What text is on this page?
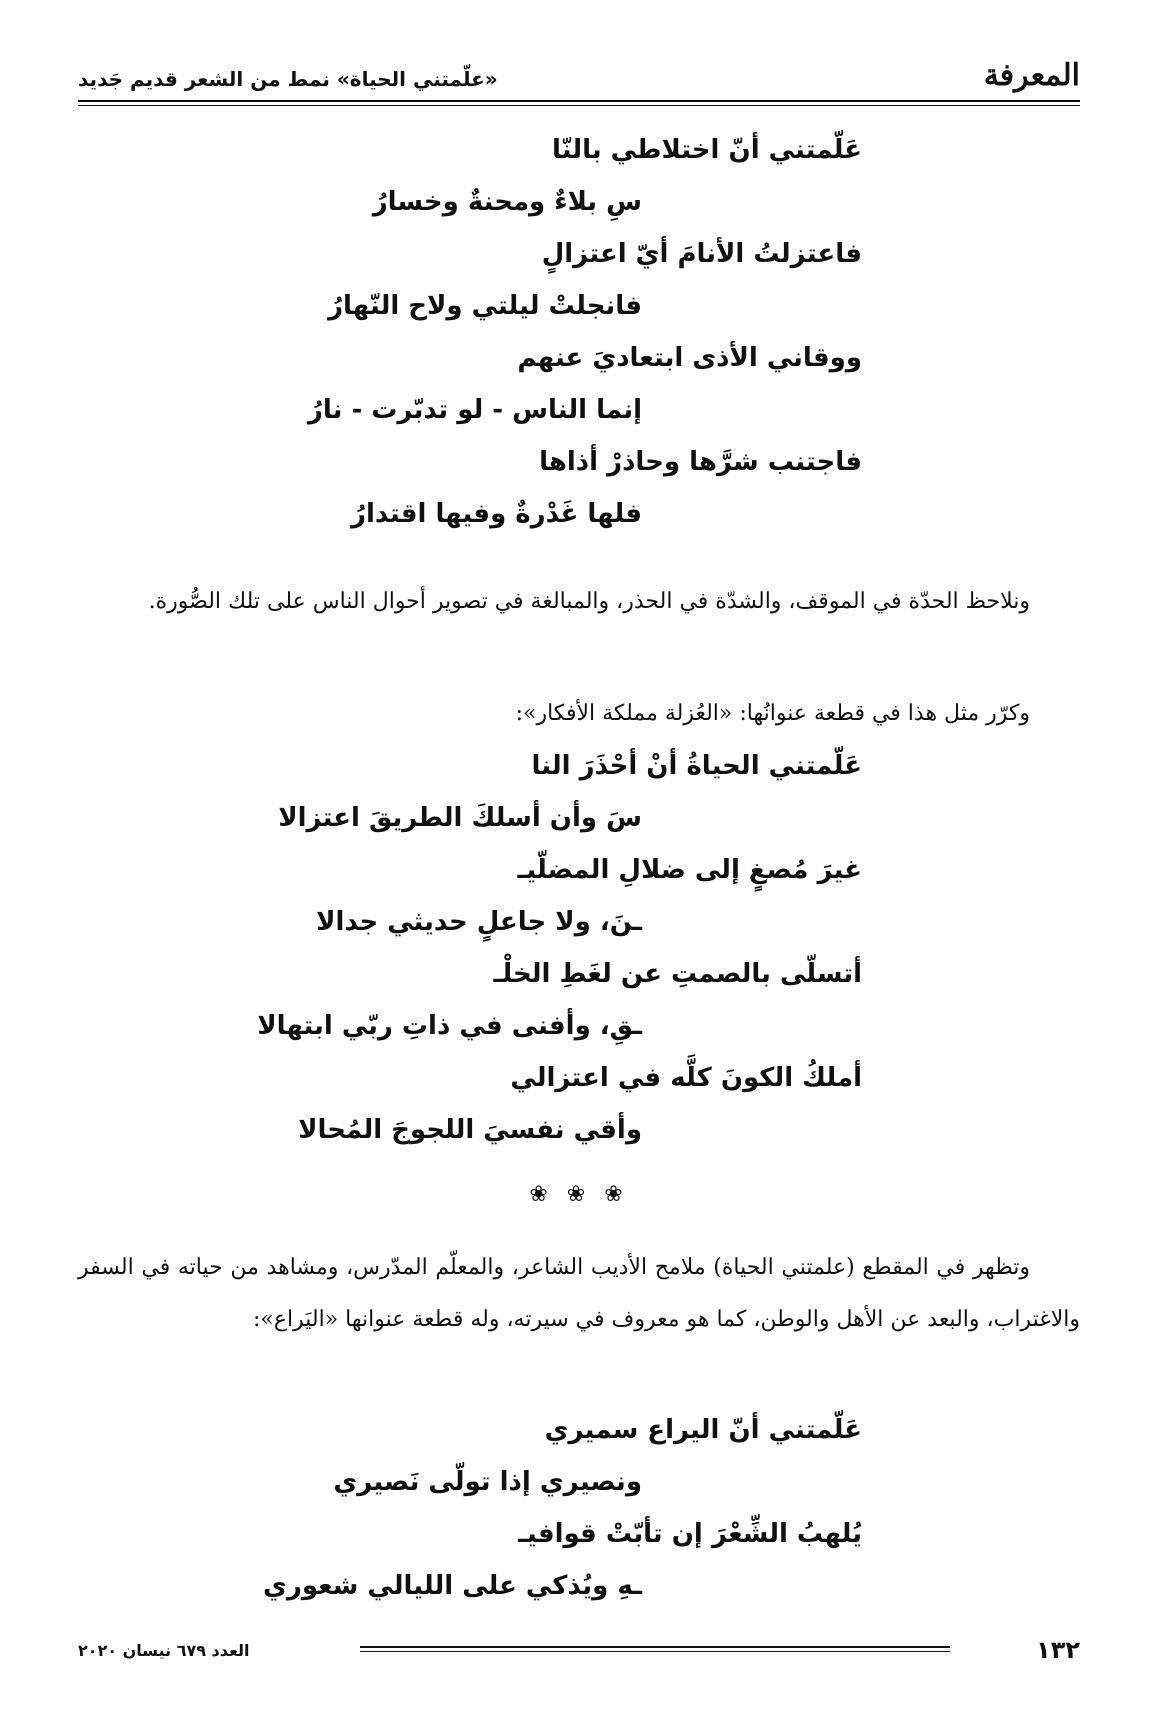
المعرفة
«علّمتني الحياة» نمط من الشعر قديم جَديد
عَلّمتني أنّ اختلاطي بالنّا
سِ بلاءٌ ومحنةٌ وخسارُ
فاعتزلتُ الأنامَ أيّ اعتزالٍ
فانجلتْ ليلتي ولاح النّهارُ
ووقاني الأذى ابتعاديَ عنهم
إنما الناس - لو تدبّرت - نارُ
فاجتنب شرَّها وحاذرْ أذاها
فلها غَدْرةٌ وفيها اقتدارُ
ونلاحظ الحدّة في الموقف، والشدّة في الحذر، والمبالغة في تصوير أحوال الناس على تلك الصُّورة.
وكرّر مثل هذا في قطعة عنوانُها: «العُزلة مملكة الأفكار»:
عَلّمتني الحياةُ أنْ أحْذَرَ النا
سَ وأن أسلكَ الطريقَ اعتزالا
غيرَ مُصغٍ إلى ضلالِ المضلّيـ
ـنَ، ولا جاعلٍ حديثي جدالا
أتسلّى بالصمتِ عن لغَطِ الخلْـ
ـقِ، وأفنى في ذاتِ ربّي ابتهالا
أملكُ الكونَ كلَّه في اعتزالي
وأقي نفسيَ اللجوجَ المُحالا
❀ ❀ ❀
وتظهر في المقطع (علمتني الحياة) ملامح الأديب الشاعر، والمعلّم المدّرس، ومشاهد من حياته في السفر والاغتراب، والبعد عن الأهل والوطن، كما هو معروف في سيرته، وله قطعة عنوانها «اليَراع»:
عَلّمتني أنّ اليراع سميري
ونصيري إذا تولّى نَصيري
يُلهبُ الشِّعْرَ إن تأبّتْ قوافيـ
ـهِ ويُذكي على الليالي شعوري
١٣٢
العدد ٦٧٩ نيسان ٢٠٢٠
